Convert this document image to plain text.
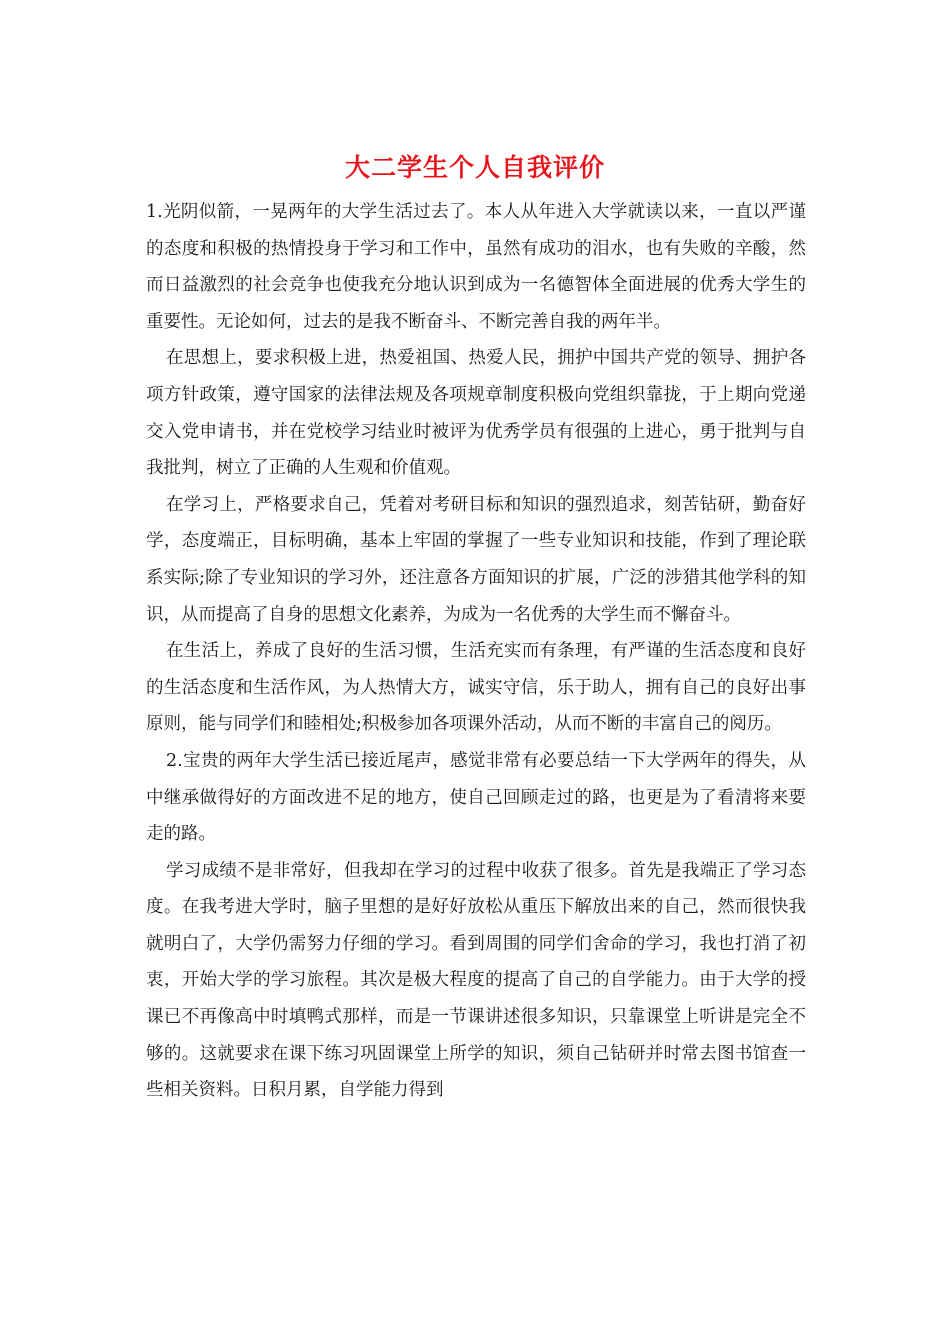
大二学生个人自我评价

1.光阴似箭，一晃两年的大学生活过去了。本人从年进入大学就读以来，一直以严谨的态度和积极的热情投身于学习和工作中，虽然有成功的泪水，也有失败的辛酸，然而日益激烈的社会竞争也使我充分地认识到成为一名德智体全面进展的优秀大学生的重要性。无论如何，过去的是我不断奋斗、不断完善自我的两年半。

在思想上，要求积极上进，热爱祖国、热爱人民，拥护中国共产党的领导、拥护各项方针政策，遵守国家的法律法规及各项规章制度积极向党组织靠拢，于上期向党递交入党申请书，并在党校学习结业时被评为优秀学员有很强的上进心，勇于批判与自我批判，树立了正确的人生观和价值观。

在学习上，严格要求自己，凭着对考研目标和知识的强烈追求，刻苦钻研，勤奋好学，态度端正，目标明确，基本上牢固的掌握了一些专业知识和技能，作到了理论联系实际;除了专业知识的学习外，还注意各方面知识的扩展，广泛的涉猎其他学科的知识，从而提高了自身的思想文化素养，为成为一名优秀的大学生而不懈奋斗。

在生活上，养成了良好的生活习惯，生活充实而有条理，有严谨的生活态度和良好的生活态度和生活作风，为人热情大方，诚实守信，乐于助人，拥有自己的良好出事原则，能与同学们和睦相处;积极参加各项课外活动，从而不断的丰富自己的阅历。

2.宝贵的两年大学生活已接近尾声，感觉非常有必要总结一下大学两年的得失，从中继承做得好的方面改进不足的地方，使自己回顾走过的路，也更是为了看清将来要走的路。

学习成绩不是非常好，但我却在学习的过程中收获了很多。首先是我端正了学习态度。在我考进大学时，脑子里想的是好好放松从重压下解放出来的自己，然而很快我就明白了，大学仍需努力仔细的学习。看到周围的同学们舍命的学习，我也打消了初衷，开始大学的学习旅程。其次是极大程度的提高了自己的自学能力。由于大学的授课已不再像高中时填鸭式那样，而是一节课讲述很多知识，只靠课堂上听讲是完全不够的。这就要求在课下练习巩固课堂上所学的知识，须自己钻研并时常去图书馆查一些相关资料。日积月累，自学能力得到
